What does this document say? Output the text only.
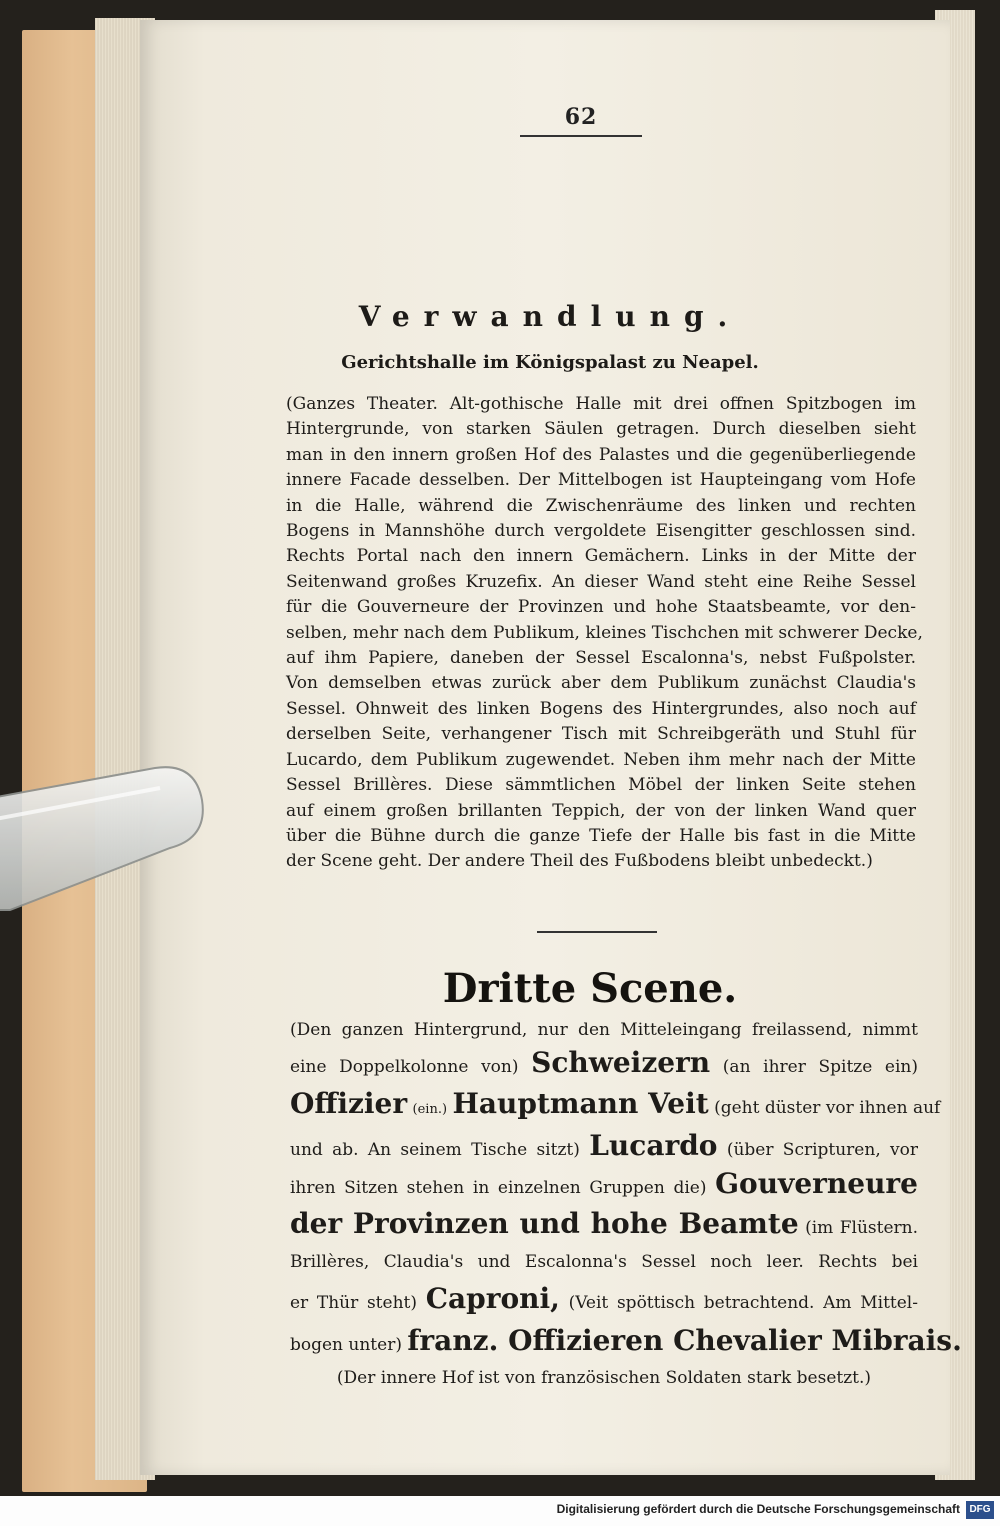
62
Verwandlung.
Gerichtshalle im Königspalast zu Neapel.
(Ganzes Theater. Alt-gothische Halle mit drei offnen Spitzbogen im
Hintergrunde, von starken Säulen getragen. Durch dieselben sieht
man in den innern großen Hof des Palastes und die gegenüberliegende
innere Facade desselben. Der Mittelbogen ist Haupteingang vom Hofe
in die Halle, während die Zwischenräume des linken und rechten
Bogens in Mannshöhe durch vergoldete Eisengitter geschlossen sind.
Rechts Portal nach den innern Gemächern. Links in der Mitte der
Seitenwand großes Kruzefix. An dieser Wand steht eine Reihe Sessel
für die Gouverneure der Provinzen und hohe Staatsbeamte, vor den-
selben, mehr nach dem Publikum, kleines Tischchen mit schwerer Decke,
auf ihm Papiere, daneben der Sessel Escalonna's, nebst Fußpolster.
Von demselben etwas zurück aber dem Publikum zunächst Claudia's
Sessel. Ohnweit des linken Bogens des Hintergrundes, also noch auf
derselben Seite, verhangener Tisch mit Schreibgeräth und Stuhl für
Lucardo, dem Publikum zugewendet. Neben ihm mehr nach der Mitte
Sessel Brillères. Diese sämmtlichen Möbel der linken Seite stehen
auf einem großen brillanten Teppich, der von der linken Wand quer
über die Bühne durch die ganze Tiefe der Halle bis fast in die Mitte
der Scene geht. Der andere Theil des Fußbodens bleibt unbedeckt.)
Dritte Scene.
(Den ganzen Hintergrund, nur den Mitteleingang freilassend, nimmt
eine Doppelkolonne von) Schweizern (an ihrer Spitze ein)
Offizier (ein.) Hauptmann Veit (geht düster vor ihnen auf
und ab. An seinem Tische sitzt) Lucardo (über Scripturen, vor
ihren Sitzen stehen in einzelnen Gruppen die) Gouverneure
der Provinzen und hohe Beamte (im Flüstern.
Brillères, Claudia's und Escalonna's Sessel noch leer. Rechts bei
er Thür steht) Caproni, (Veit spöttisch betrachtend. Am Mittel-
bogen unter) franz. Offizieren Chevalier Mibrais.
(Der innere Hof ist von französischen Soldaten stark besetzt.)
Digitalisierung gefördert durch die Deutsche Forschungsgemeinschaft DFG
